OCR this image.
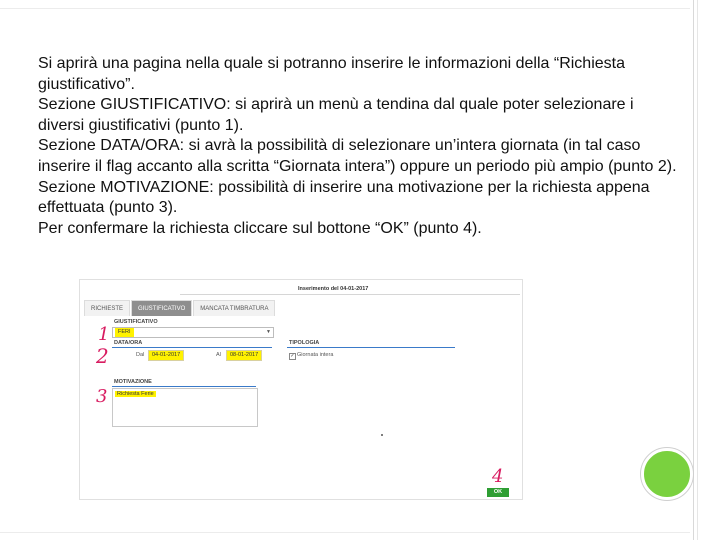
Si aprirà una pagina nella quale si potranno inserire le informazioni della “Richiesta giustificativo”.

Sezione GIUSTIFICATIVO: si aprirà un menù a tendina dal quale poter selezionare i diversi giustificativi (punto 1).

Sezione DATA/ORA: si avrà la possibilità di selezionare un’intera giornata (in tal caso inserire il flag accanto alla scritta “Giornata intera”) oppure un periodo più ampio (punto 2).

Sezione MOTIVAZIONE: possibilità di inserire una motivazione per la richiesta appena effettuata (punto 3).

Per confermare la richiesta cliccare sul bottone “OK” (punto 4).

Inserimento del 04-01-2017
RICHIESTE	GIUSTIFICATIVO	MANCATA TIMBRATURA
GIUSTIFICATIVO
FERI	▼
DATA/ORA
Dal	04-01-2017	Al	08-01-2017
TIPOLOGIA
✓ Giornata intera
MOTIVAZIONE
Richiesta Ferie
OK
1
2
3
4
